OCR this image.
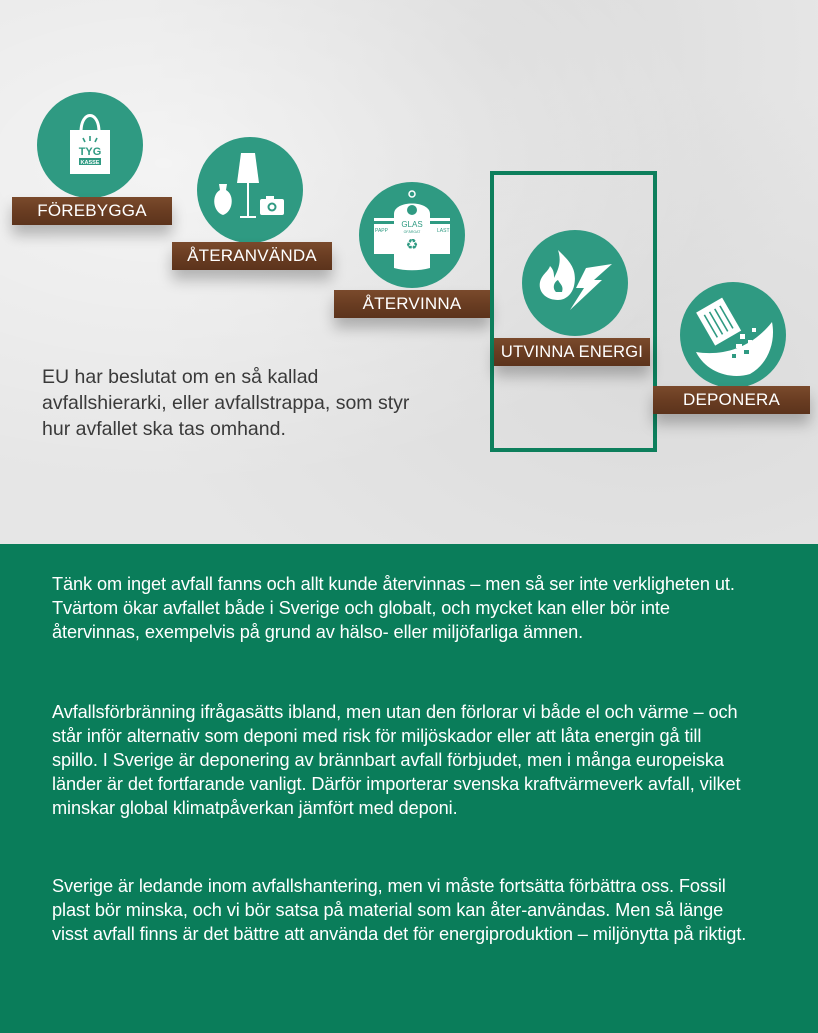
TYG
KASSE
FÖREBYGGA
ÅTERANVÄNDA
PAPP	LAST
GLAS
OFÄRGAT
♻
ÅTERVINNA
UTVINNA ENERGI
DEPONERA
EU har beslutat om en så kallad avfallshierarki, eller avfallstrappa, som styr hur avfallet ska tas omhand.
Tänk om inget avfall fanns och allt kunde återvinnas – men så ser inte verkligheten ut. Tvärtom ökar avfallet både i Sverige och globalt, och mycket kan eller bör inte återvinnas, exempelvis på grund av hälso- eller miljöfarliga ämnen.
Avfallsförbränning ifrågasätts ibland, men utan den förlorar vi både el och värme – och står inför alternativ som deponi med risk för miljöskador eller att låta energin gå till spillo. I Sverige är deponering av brännbart avfall förbjudet, men i många europeiska länder är det fortfarande vanligt. Därför importerar svenska kraftvärmeverk avfall, vilket minskar global klimatpåverkan jämfört med deponi.
Sverige är ledande inom avfallshantering, men vi måste fortsätta förbättra oss. Fossil plast bör minska, och vi bör satsa på material som kan åter-användas. Men så länge visst avfall finns är det bättre att använda det för energiproduktion – miljönytta på riktigt.
